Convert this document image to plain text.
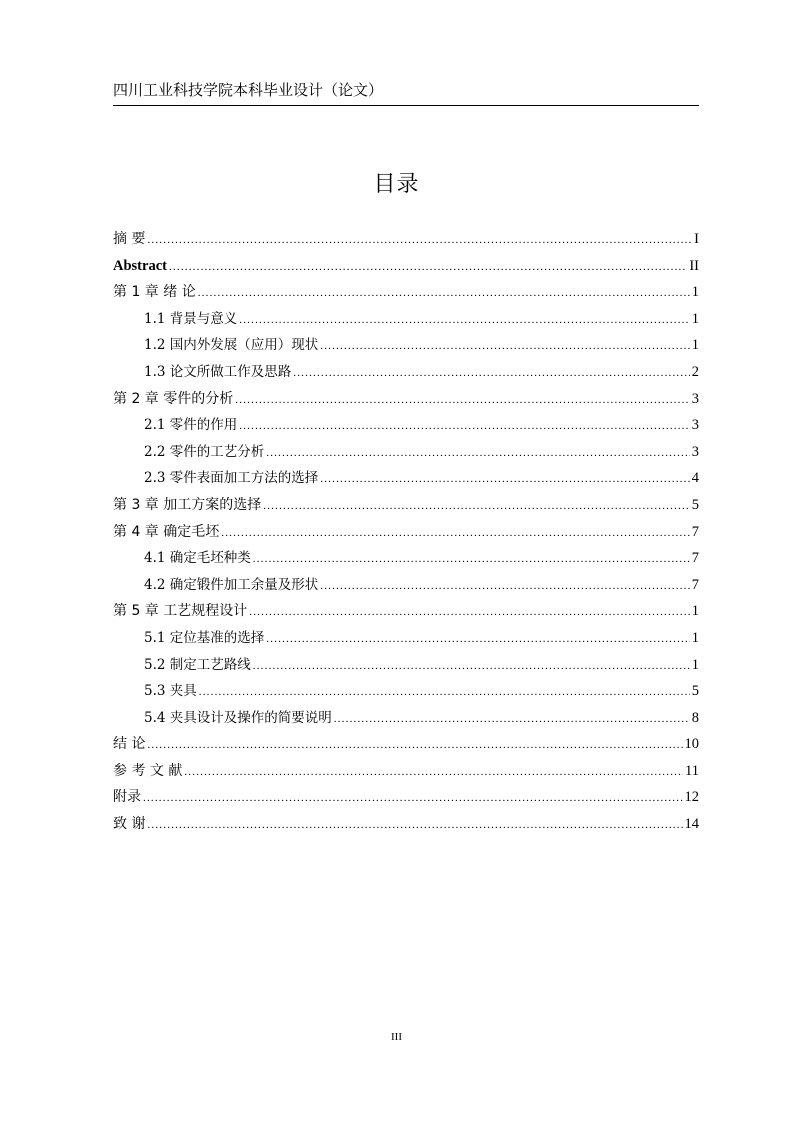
四川工业科技学院本科毕业设计（论文）
目录
摘 要 .....	I
Abstract .....	II
第 1 章 绪 论 .....	1
1.1 背景与意义 .....	1
1.2 国内外发展（应用）现状 .....	1
1.3 论文所做工作及思路 .....	2
第 2 章 零件的分析 .....	3
2.1 零件的作用 .....	3
2.2 零件的工艺分析 .....	3
2.3 零件表面加工方法的选择 .....	4
第 3 章 加工方案的选择 .....	5
第 4 章 确定毛坯 .....	7
4.1 确定毛坯种类 .....	7
4.2 确定锻件加工余量及形状 .....	7
第 5 章 工艺规程设计 .....	1
5.1 定位基准的选择 .....	1
5.2 制定工艺路线 .....	1
5.3 夹具 .....	5
5.4 夹具设计及操作的简要说明 .....	8
结 论 .....	10
参 考 文 献 .....	11
附录 .....	12
致 谢 .....	14
III
